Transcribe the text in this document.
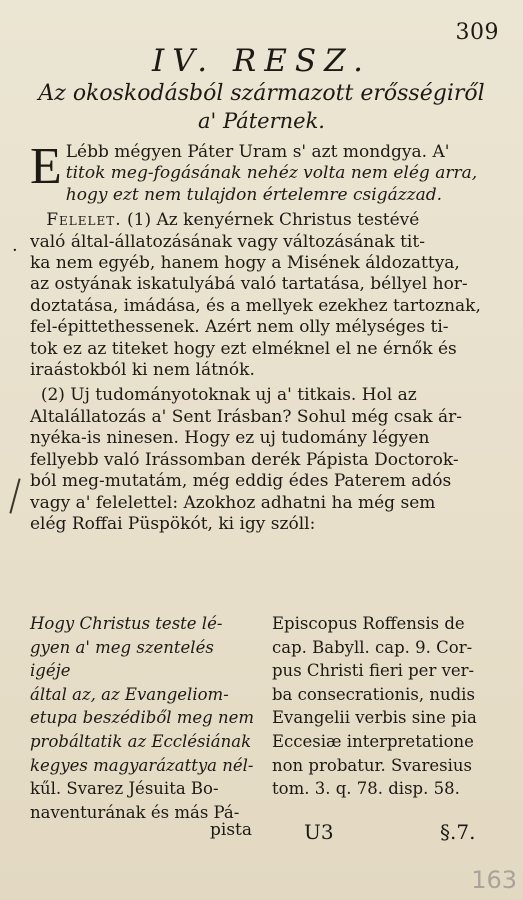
309
IV. RESZ.
Az okoskodásból származott erősségiről
a' Páternek.
·
E Lébb mégyen Páter Uram s' azt mondgya. A'
titok meg-fogásának nehéz volta nem elég arra,
hogy ezt nem tulajdon értelemre csigázzad.
Felelet. (1) Az kenyérnek Christus testévé
való által-állatozásának vagy változásának tit-
ka nem egyéb, hanem hogy a Misének áldozattya,
az ostyának iskatulyábá való tartatása, béllyel hor-
doztatása, imádása, és a mellyek ezekhez tartoznak,
fel-épittethessenek. Azért nem olly mélységes ti-
tok ez az titeket hogy ezt elméknel el ne érnők és
iraástokból ki nem látnók.
(2) Uj tudományotoknak uj a' titkais. Hol az
Altalállatozás a' Sent Irásban? Sohul még csak ár-
nyéka-is ninesen. Hogy ez uj tudomány légyen
fellyebb való Irássomban derék Pápista Doctorok-
ból meg-mutatám, még eddig édes Paterem adós
vagy a' felelettel: Azokhoz adhatni ha még sem
elég Roffai Püspökót, ki igy szóll:
Hogy Christus teste lé-
gyen a' meg szentelés igéje
által az, az Evangeliom-
etupa beszédiből meg nem
probáltatik az Ecclésiának
kegyes magyarázattya nél-
kűl. Svarez Jésuita Bo-
naventurának és más Pá-
Episcopus Roffensis de
cap. Babyll. cap. 9. Cor-
pus Christi fieri per ver-
ba consecrationis, nudis
Evangelii verbis sine pia
Eccesiæ interpretatione
non probatur. Svaresius
tom. 3. q. 78. disp. 58.
pista	U3	§.7.
163
